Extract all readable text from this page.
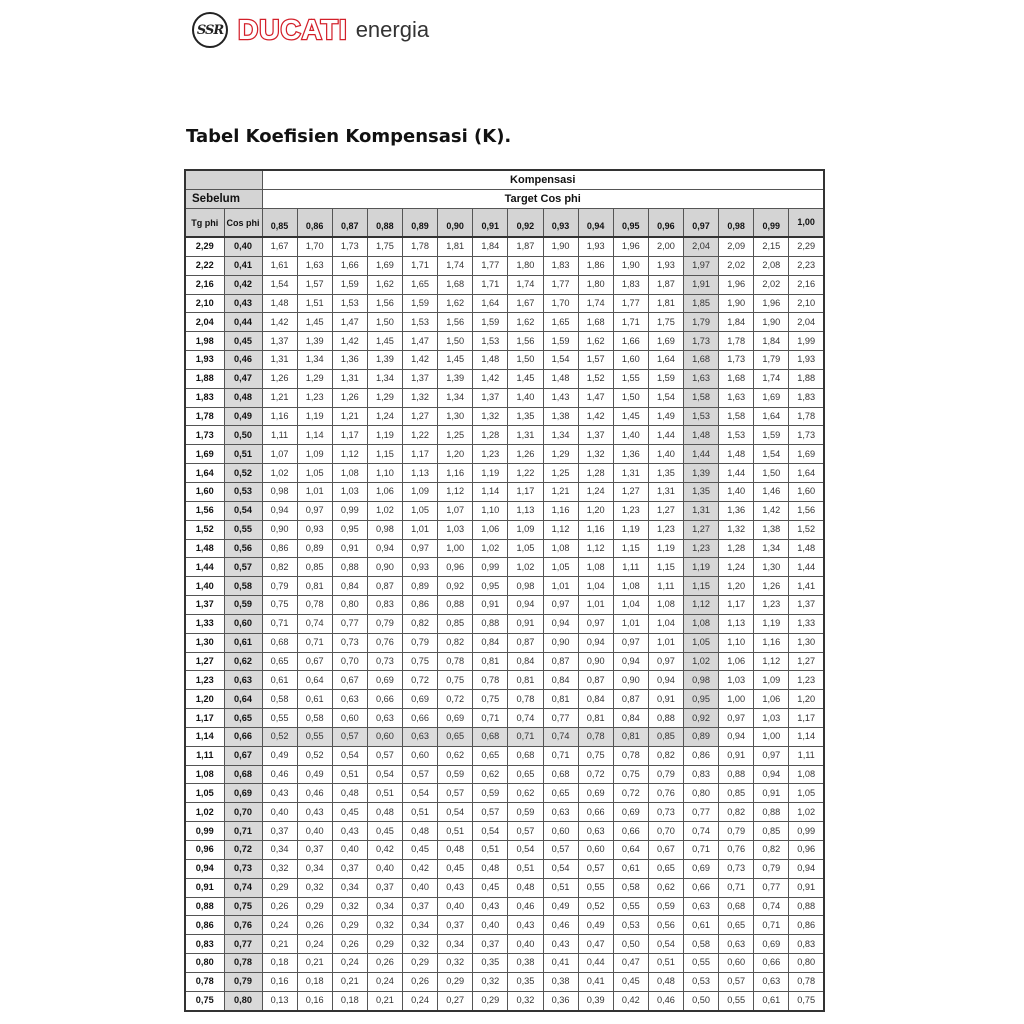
SSR DUCATI energia
Tabel Koefisien Kompensasi (K).
		Kompensasi															
Sebelum		Target Cos phi															
Tg phi	Cos phi	0,85	0,86	0,87	0,88	0,89	0,90	0,91	0,92	0,93	0,94	0,95	0,96	0,97	0,98	0,99	1,00
2,29	0,40	1,67	1,70	1,73	1,75	1,78	1,81	1,84	1,87	1,90	1,93	1,96	2,00	2,04	2,09	2,15	2,29
2,22	0,41	1,61	1,63	1,66	1,69	1,71	1,74	1,77	1,80	1,83	1,86	1,90	1,93	1,97	2,02	2,08	2,23
2,16	0,42	1,54	1,57	1,59	1,62	1,65	1,68	1,71	1,74	1,77	1,80	1,83	1,87	1,91	1,96	2,02	2,16
2,10	0,43	1,48	1,51	1,53	1,56	1,59	1,62	1,64	1,67	1,70	1,74	1,77	1,81	1,85	1,90	1,96	2,10
2,04	0,44	1,42	1,45	1,47	1,50	1,53	1,56	1,59	1,62	1,65	1,68	1,71	1,75	1,79	1,84	1,90	2,04
1,98	0,45	1,37	1,39	1,42	1,45	1,47	1,50	1,53	1,56	1,59	1,62	1,66	1,69	1,73	1,78	1,84	1,99
1,93	0,46	1,31	1,34	1,36	1,39	1,42	1,45	1,48	1,50	1,54	1,57	1,60	1,64	1,68	1,73	1,79	1,93
1,88	0,47	1,26	1,29	1,31	1,34	1,37	1,39	1,42	1,45	1,48	1,52	1,55	1,59	1,63	1,68	1,74	1,88
1,83	0,48	1,21	1,23	1,26	1,29	1,32	1,34	1,37	1,40	1,43	1,47	1,50	1,54	1,58	1,63	1,69	1,83
1,78	0,49	1,16	1,19	1,21	1,24	1,27	1,30	1,32	1,35	1,38	1,42	1,45	1,49	1,53	1,58	1,64	1,78
1,73	0,50	1,11	1,14	1,17	1,19	1,22	1,25	1,28	1,31	1,34	1,37	1,40	1,44	1,48	1,53	1,59	1,73
1,69	0,51	1,07	1,09	1,12	1,15	1,17	1,20	1,23	1,26	1,29	1,32	1,36	1,40	1,44	1,48	1,54	1,69
1,64	0,52	1,02	1,05	1,08	1,10	1,13	1,16	1,19	1,22	1,25	1,28	1,31	1,35	1,39	1,44	1,50	1,64
1,60	0,53	0,98	1,01	1,03	1,06	1,09	1,12	1,14	1,17	1,21	1,24	1,27	1,31	1,35	1,40	1,46	1,60
1,56	0,54	0,94	0,97	0,99	1,02	1,05	1,07	1,10	1,13	1,16	1,20	1,23	1,27	1,31	1,36	1,42	1,56
1,52	0,55	0,90	0,93	0,95	0,98	1,01	1,03	1,06	1,09	1,12	1,16	1,19	1,23	1,27	1,32	1,38	1,52
1,48	0,56	0,86	0,89	0,91	0,94	0,97	1,00	1,02	1,05	1,08	1,12	1,15	1,19	1,23	1,28	1,34	1,48
1,44	0,57	0,82	0,85	0,88	0,90	0,93	0,96	0,99	1,02	1,05	1,08	1,11	1,15	1,19	1,24	1,30	1,44
1,40	0,58	0,79	0,81	0,84	0,87	0,89	0,92	0,95	0,98	1,01	1,04	1,08	1,11	1,15	1,20	1,26	1,41
1,37	0,59	0,75	0,78	0,80	0,83	0,86	0,88	0,91	0,94	0,97	1,01	1,04	1,08	1,12	1,17	1,23	1,37
1,33	0,60	0,71	0,74	0,77	0,79	0,82	0,85	0,88	0,91	0,94	0,97	1,01	1,04	1,08	1,13	1,19	1,33
1,30	0,61	0,68	0,71	0,73	0,76	0,79	0,82	0,84	0,87	0,90	0,94	0,97	1,01	1,05	1,10	1,16	1,30
1,27	0,62	0,65	0,67	0,70	0,73	0,75	0,78	0,81	0,84	0,87	0,90	0,94	0,97	1,02	1,06	1,12	1,27
1,23	0,63	0,61	0,64	0,67	0,69	0,72	0,75	0,78	0,81	0,84	0,87	0,90	0,94	0,98	1,03	1,09	1,23
1,20	0,64	0,58	0,61	0,63	0,66	0,69	0,72	0,75	0,78	0,81	0,84	0,87	0,91	0,95	1,00	1,06	1,20
1,17	0,65	0,55	0,58	0,60	0,63	0,66	0,69	0,71	0,74	0,77	0,81	0,84	0,88	0,92	0,97	1,03	1,17
1,14	0,66	0,52	0,55	0,57	0,60	0,63	0,65	0,68	0,71	0,74	0,78	0,81	0,85	0,89	0,94	1,00	1,14
1,11	0,67	0,49	0,52	0,54	0,57	0,60	0,62	0,65	0,68	0,71	0,75	0,78	0,82	0,86	0,91	0,97	1,11
1,08	0,68	0,46	0,49	0,51	0,54	0,57	0,59	0,62	0,65	0,68	0,72	0,75	0,79	0,83	0,88	0,94	1,08
1,05	0,69	0,43	0,46	0,48	0,51	0,54	0,57	0,59	0,62	0,65	0,69	0,72	0,76	0,80	0,85	0,91	1,05
1,02	0,70	0,40	0,43	0,45	0,48	0,51	0,54	0,57	0,59	0,63	0,66	0,69	0,73	0,77	0,82	0,88	1,02
0,99	0,71	0,37	0,40	0,43	0,45	0,48	0,51	0,54	0,57	0,60	0,63	0,66	0,70	0,74	0,79	0,85	0,99
0,96	0,72	0,34	0,37	0,40	0,42	0,45	0,48	0,51	0,54	0,57	0,60	0,64	0,67	0,71	0,76	0,82	0,96
0,94	0,73	0,32	0,34	0,37	0,40	0,42	0,45	0,48	0,51	0,54	0,57	0,61	0,65	0,69	0,73	0,79	0,94
0,91	0,74	0,29	0,32	0,34	0,37	0,40	0,43	0,45	0,48	0,51	0,55	0,58	0,62	0,66	0,71	0,77	0,91
0,88	0,75	0,26	0,29	0,32	0,34	0,37	0,40	0,43	0,46	0,49	0,52	0,55	0,59	0,63	0,68	0,74	0,88
0,86	0,76	0,24	0,26	0,29	0,32	0,34	0,37	0,40	0,43	0,46	0,49	0,53	0,56	0,61	0,65	0,71	0,86
0,83	0,77	0,21	0,24	0,26	0,29	0,32	0,34	0,37	0,40	0,43	0,47	0,50	0,54	0,58	0,63	0,69	0,83
0,80	0,78	0,18	0,21	0,24	0,26	0,29	0,32	0,35	0,38	0,41	0,44	0,47	0,51	0,55	0,60	0,66	0,80
0,78	0,79	0,16	0,18	0,21	0,24	0,26	0,29	0,32	0,35	0,38	0,41	0,45	0,48	0,53	0,57	0,63	0,78
0,75	0,80	0,13	0,16	0,18	0,21	0,24	0,27	0,29	0,32	0,36	0,39	0,42	0,46	0,50	0,55	0,61	0,75
